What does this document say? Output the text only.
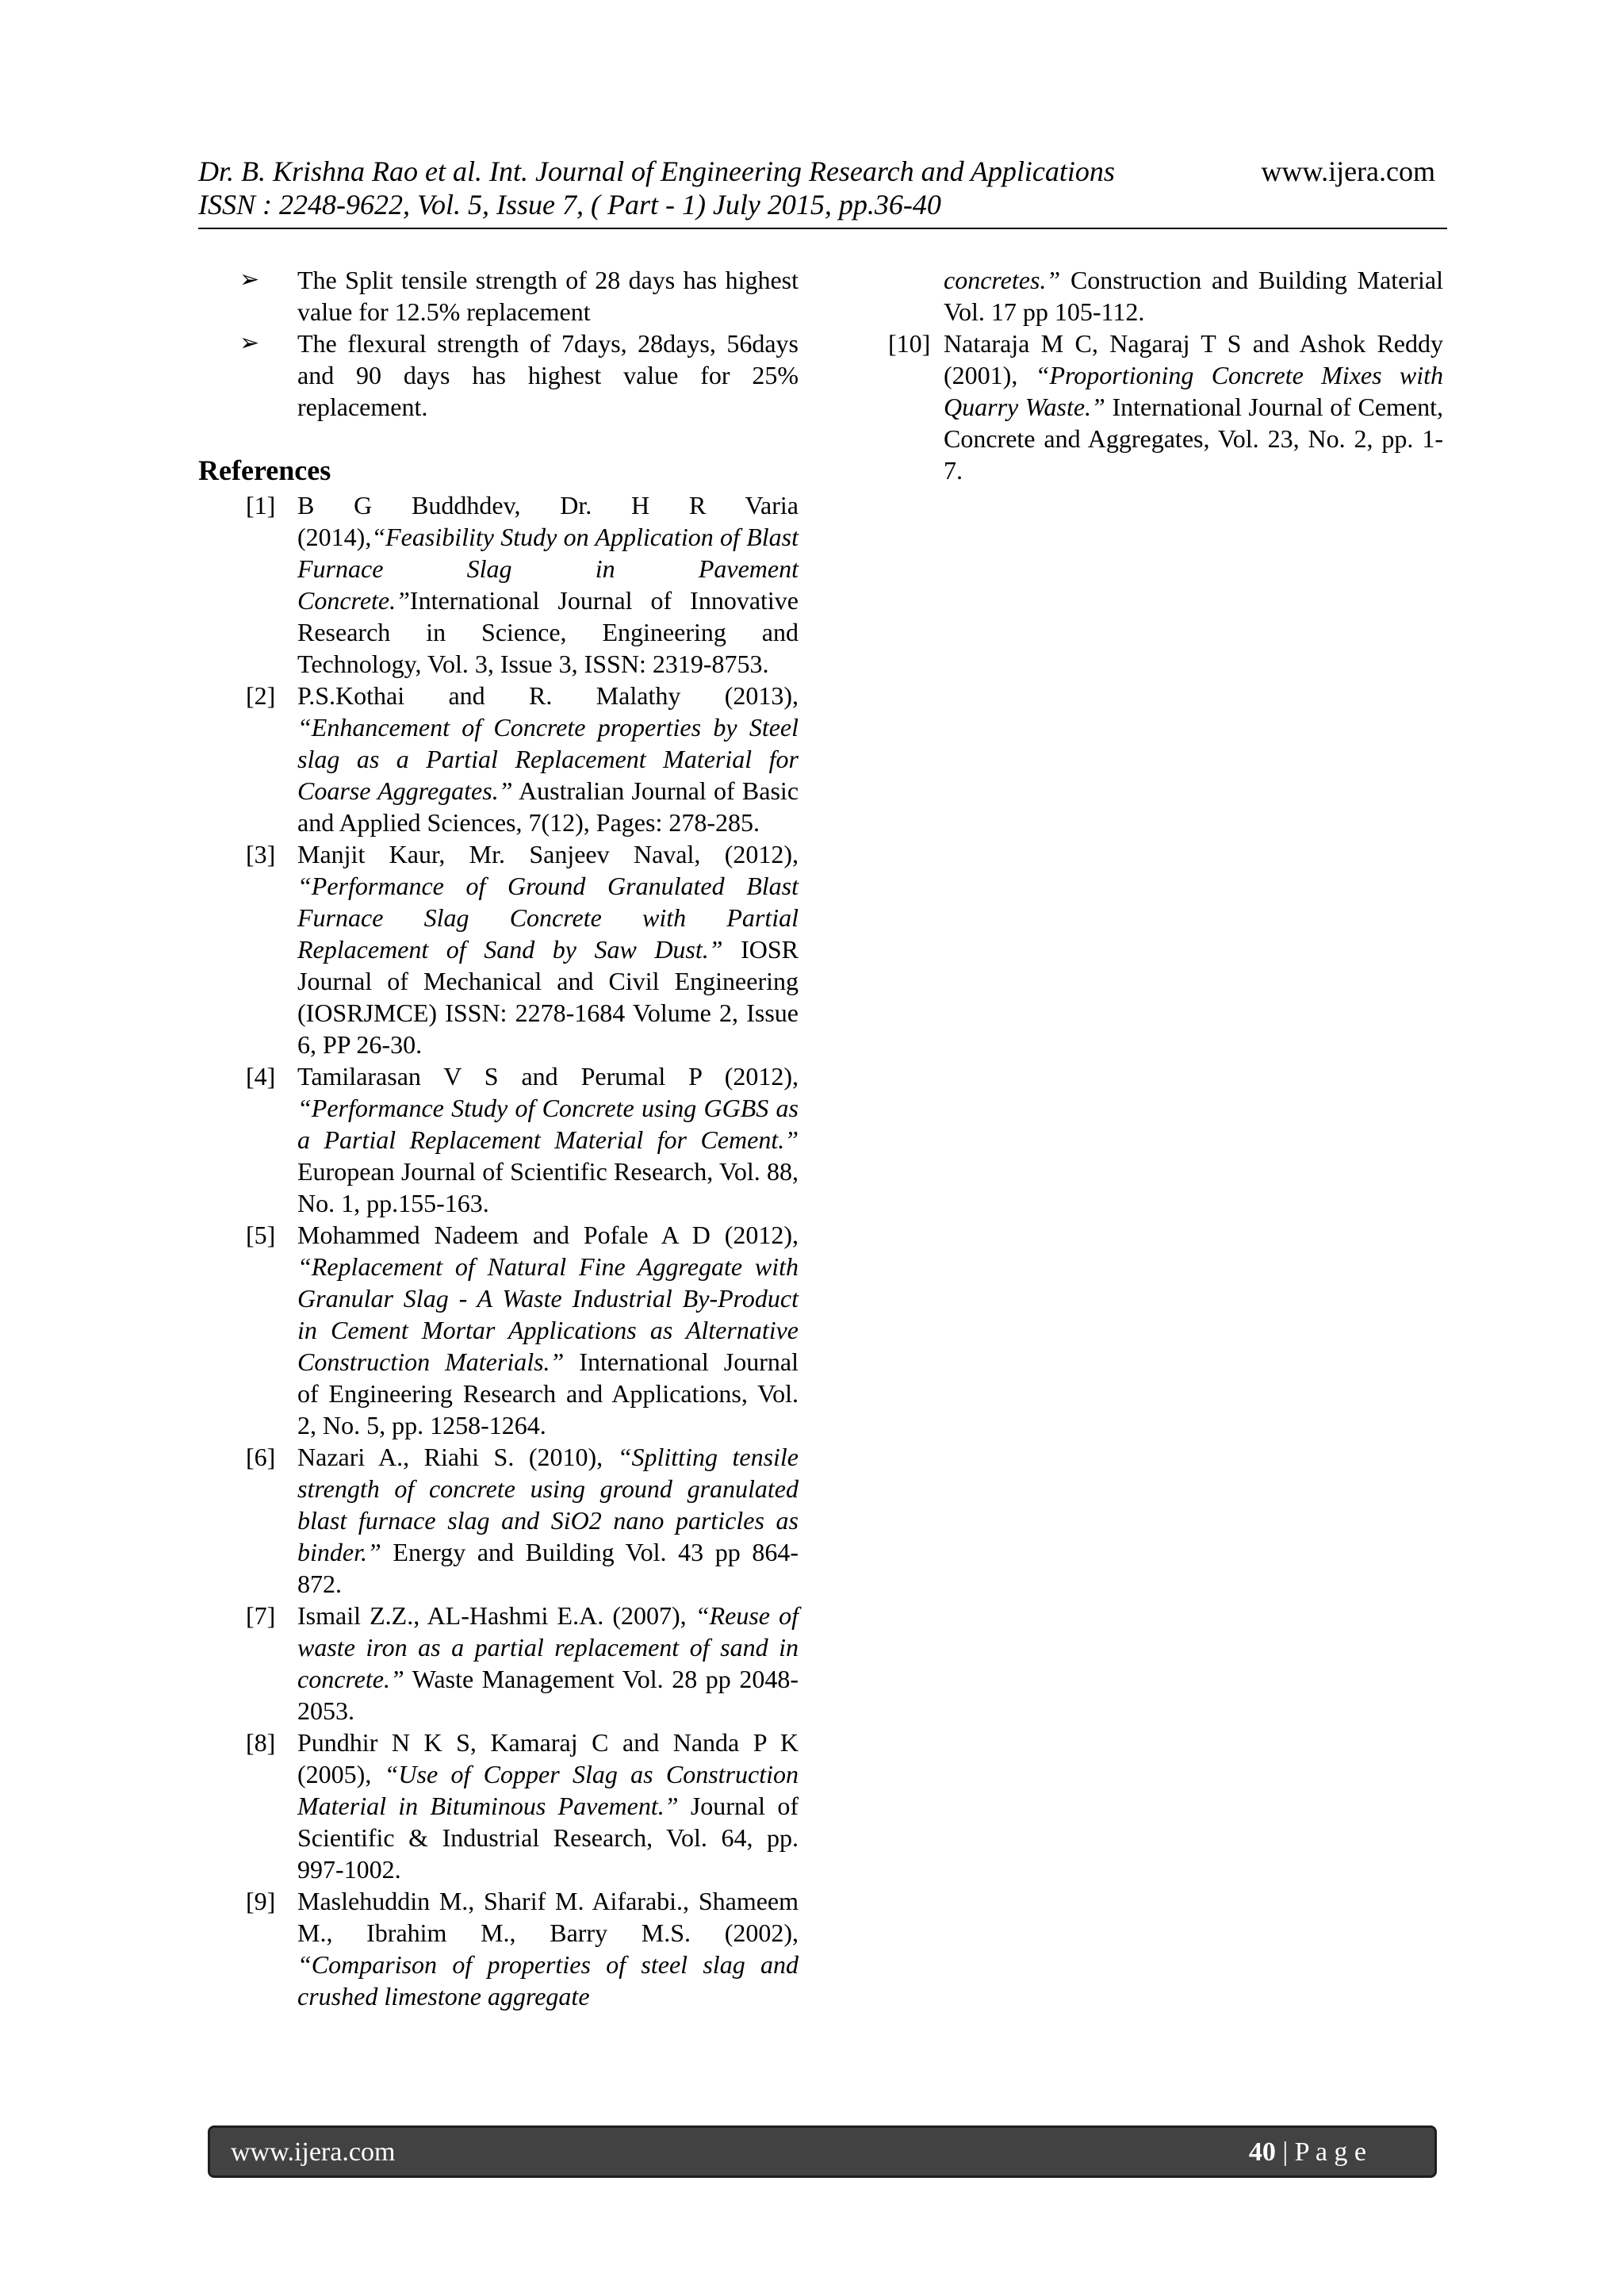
Dr. B. Krishna Rao et al. Int. Journal of Engineering Research and Applications	www.ijera.com
ISSN : 2248-9622, Vol. 5, Issue 7, ( Part - 1) July 2015, pp.36-40
➢ The Split tensile strength of 28 days has highest value for 12.5% replacement
➢ The flexural strength of 7days, 28days, 56days and 90 days has highest value for 25% replacement.
References
[1] B G Buddhdev, Dr. H R Varia (2014),“Feasibility Study on Application of Blast Furnace Slag in Pavement Concrete.”International Journal of Innovative Research in Science, Engineering and Technology, Vol. 3, Issue 3, ISSN: 2319-8753.
[2] P.S.Kothai and R. Malathy (2013), “Enhancement of Concrete properties by Steel slag as a Partial Replacement Material for Coarse Aggregates.” Australian Journal of Basic and Applied Sciences, 7(12), Pages: 278-285.
[3] Manjit Kaur, Mr. Sanjeev Naval, (2012), “Performance of Ground Granulated Blast Furnace Slag Concrete with Partial Replacement of Sand by Saw Dust.” IOSR Journal of Mechanical and Civil Engineering (IOSRJMCE) ISSN: 2278-1684 Volume 2, Issue 6, PP 26-30.
[4] Tamilarasan V S and Perumal P (2012), “Performance Study of Concrete using GGBS as a Partial Replacement Material for Cement.” European Journal of Scientific Research, Vol. 88, No. 1, pp.155-163.
[5] Mohammed Nadeem and Pofale A D (2012), “Replacement of Natural Fine Aggregate with Granular Slag - A Waste Industrial By-Product in Cement Mortar Applications as Alternative Construction Materials.” International Journal of Engineering Research and Applications, Vol. 2, No. 5, pp. 1258-1264.
[6] Nazari A., Riahi S. (2010), “Splitting tensile strength of concrete using ground granulated blast furnace slag and SiO2 nano particles as binder.” Energy and Building Vol. 43 pp 864-872.
[7] Ismail Z.Z., AL-Hashmi E.A. (2007), “Reuse of waste iron as a partial replacement of sand in concrete.” Waste Management Vol. 28 pp 2048-2053.
[8] Pundhir N K S, Kamaraj C and Nanda P K (2005), “Use of Copper Slag as Construction Material in Bituminous Pavement.” Journal of Scientific & Industrial Research, Vol. 64, pp. 997-1002.
[9] Maslehuddin M., Sharif M. Aifarabi., Shameem M., Ibrahim M., Barry M.S. (2002), “Comparison of properties of steel slag and crushed limestone aggregate
concretes.” Construction and Building Material Vol. 17 pp 105-112.
[10] Nataraja M C, Nagaraj T S and Ashok Reddy (2001), “Proportioning Concrete Mixes with Quarry Waste.” International Journal of Cement, Concrete and Aggregates, Vol. 23, No. 2, pp. 1-7.
www.ijera.com	40 | P a g e
